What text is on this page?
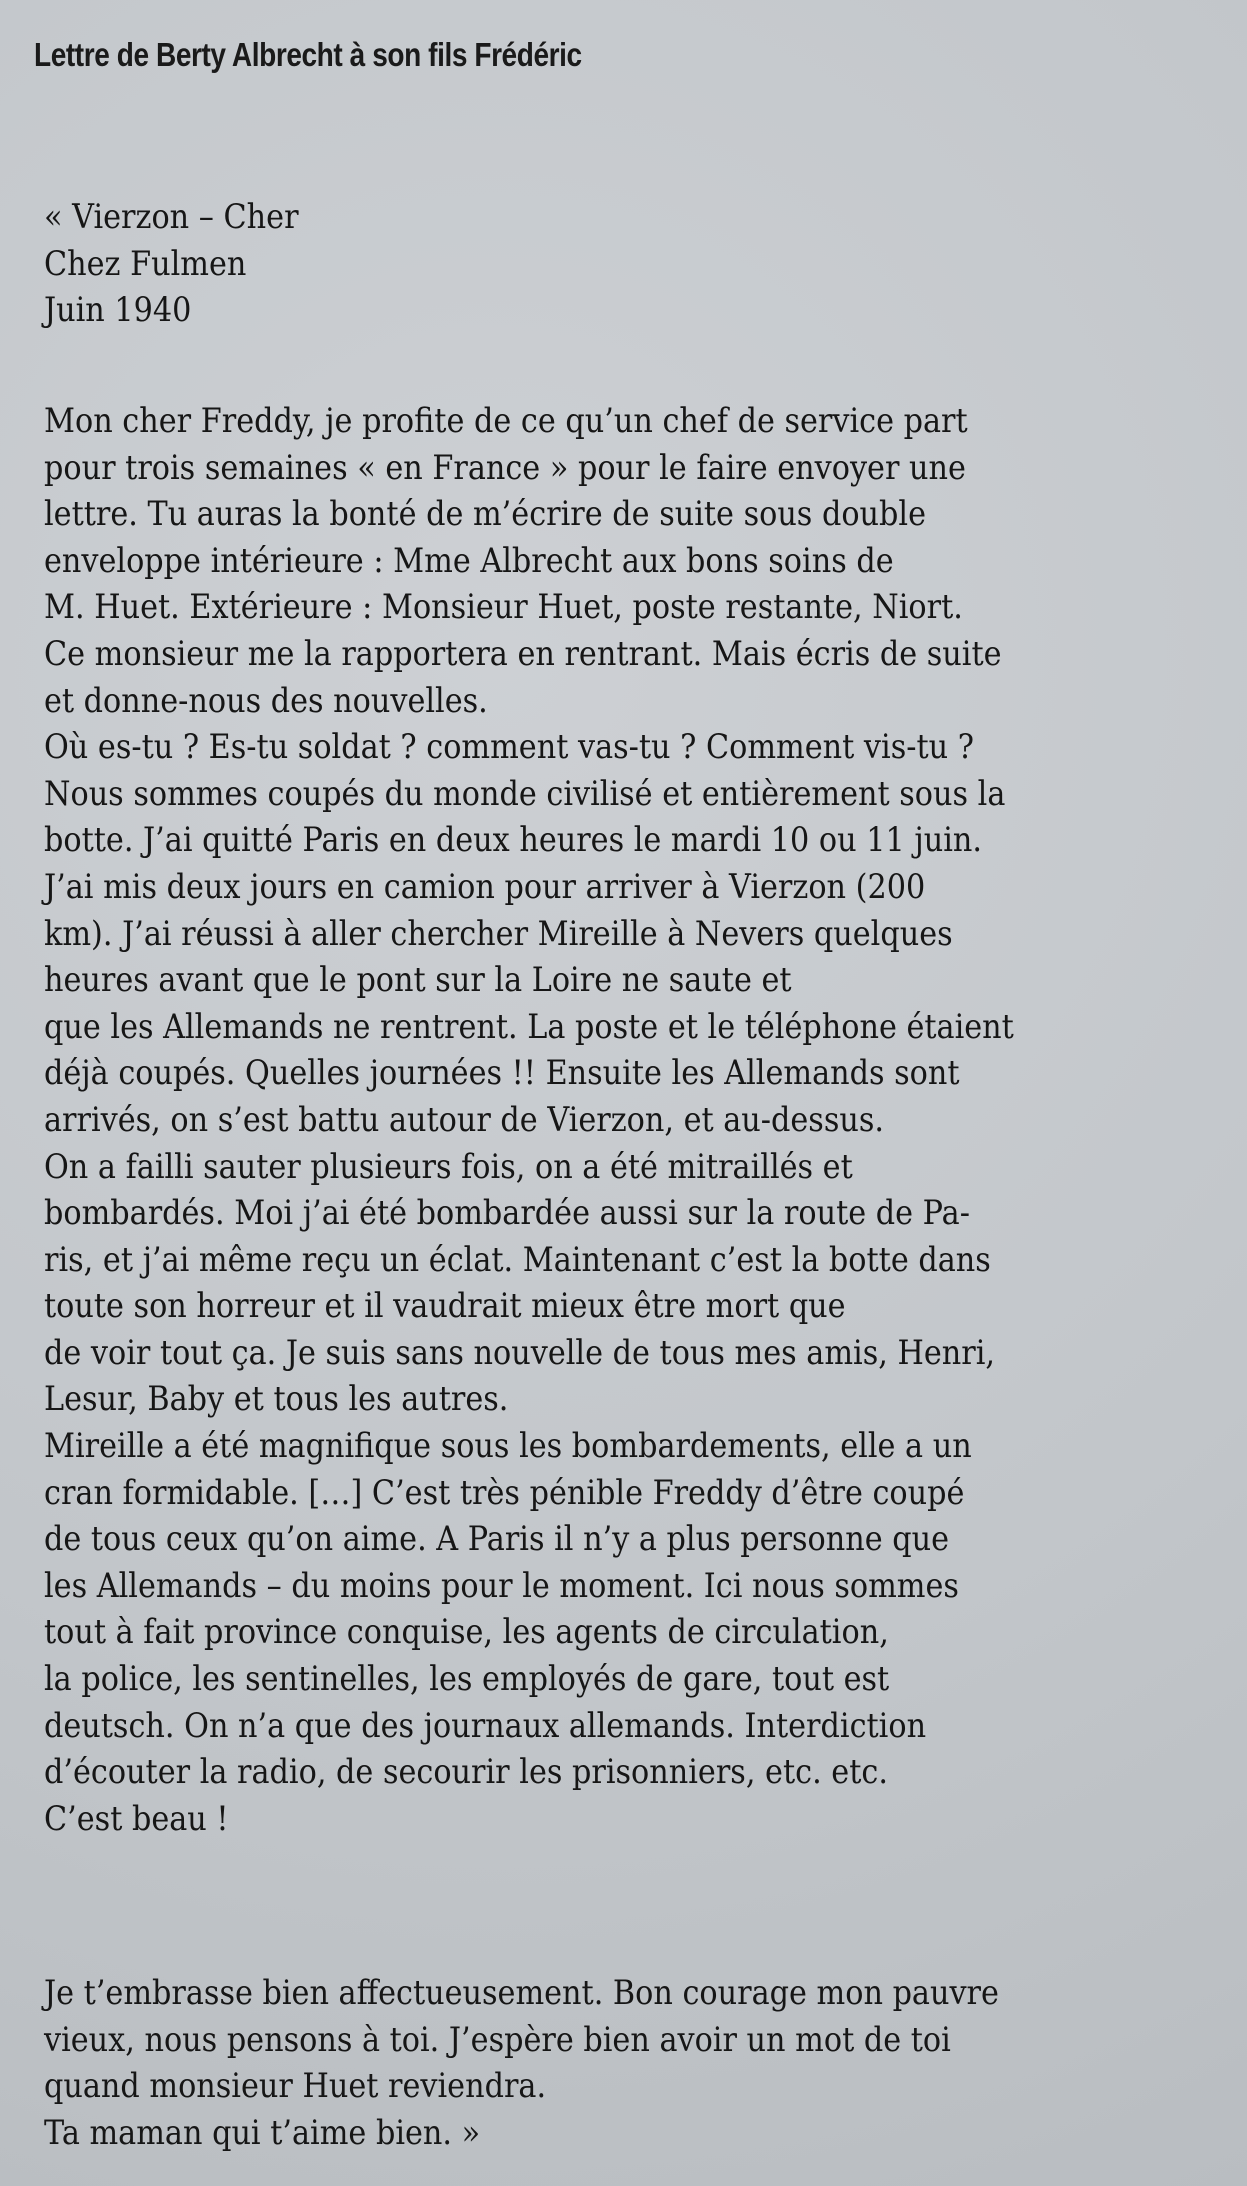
Lettre de Berty Albrecht à son fils Frédéric
« Vierzon – Cher
Chez Fulmen
Juin 1940
Mon cher Freddy, je profite de ce qu’un chef de service part
pour trois semaines « en France » pour le faire envoyer une
lettre. Tu auras la bonté de m’écrire de suite sous double
enveloppe intérieure : Mme Albrecht aux bons soins de
M. Huet. Extérieure : Monsieur Huet, poste restante, Niort.
Ce monsieur me la rapportera en rentrant. Mais écris de suite
et donne-nous des nouvelles.
Où es-tu ? Es-tu soldat ? comment vas-tu ? Comment vis-tu ?
Nous sommes coupés du monde civilisé et entièrement sous la
botte. J’ai quitté Paris en deux heures le mardi 10 ou 11 juin.
J’ai mis deux jours en camion pour arriver à Vierzon (200
km). J’ai réussi à aller chercher Mireille à Nevers quelques
heures avant que le pont sur la Loire ne saute et
que les Allemands ne rentrent. La poste et le téléphone étaient
déjà coupés. Quelles journées !! Ensuite les Allemands sont
arrivés, on s’est battu autour de Vierzon, et au-dessus.
On a failli sauter plusieurs fois, on a été mitraillés et
bombardés. Moi j’ai été bombardée aussi sur la route de Pa-
ris, et j’ai même reçu un éclat. Maintenant c’est la botte dans
toute son horreur et il vaudrait mieux être mort que
de voir tout ça. Je suis sans nouvelle de tous mes amis, Henri,
Lesur, Baby et tous les autres.
Mireille a été magnifique sous les bombardements, elle a un
cran formidable. […] C’est très pénible Freddy d’être coupé
de tous ceux qu’on aime. A Paris il n’y a plus personne que
les Allemands – du moins pour le moment. Ici nous sommes
tout à fait province conquise, les agents de circulation,
la police, les sentinelles, les employés de gare, tout est
deutsch. On n’a que des journaux allemands. Interdiction
d’écouter la radio, de secourir les prisonniers, etc. etc.
C’est beau !
Je t’embrasse bien affectueusement. Bon courage mon pauvre
vieux, nous pensons à toi. J’espère bien avoir un mot de toi
quand monsieur Huet reviendra.
Ta maman qui t’aime bien. »
